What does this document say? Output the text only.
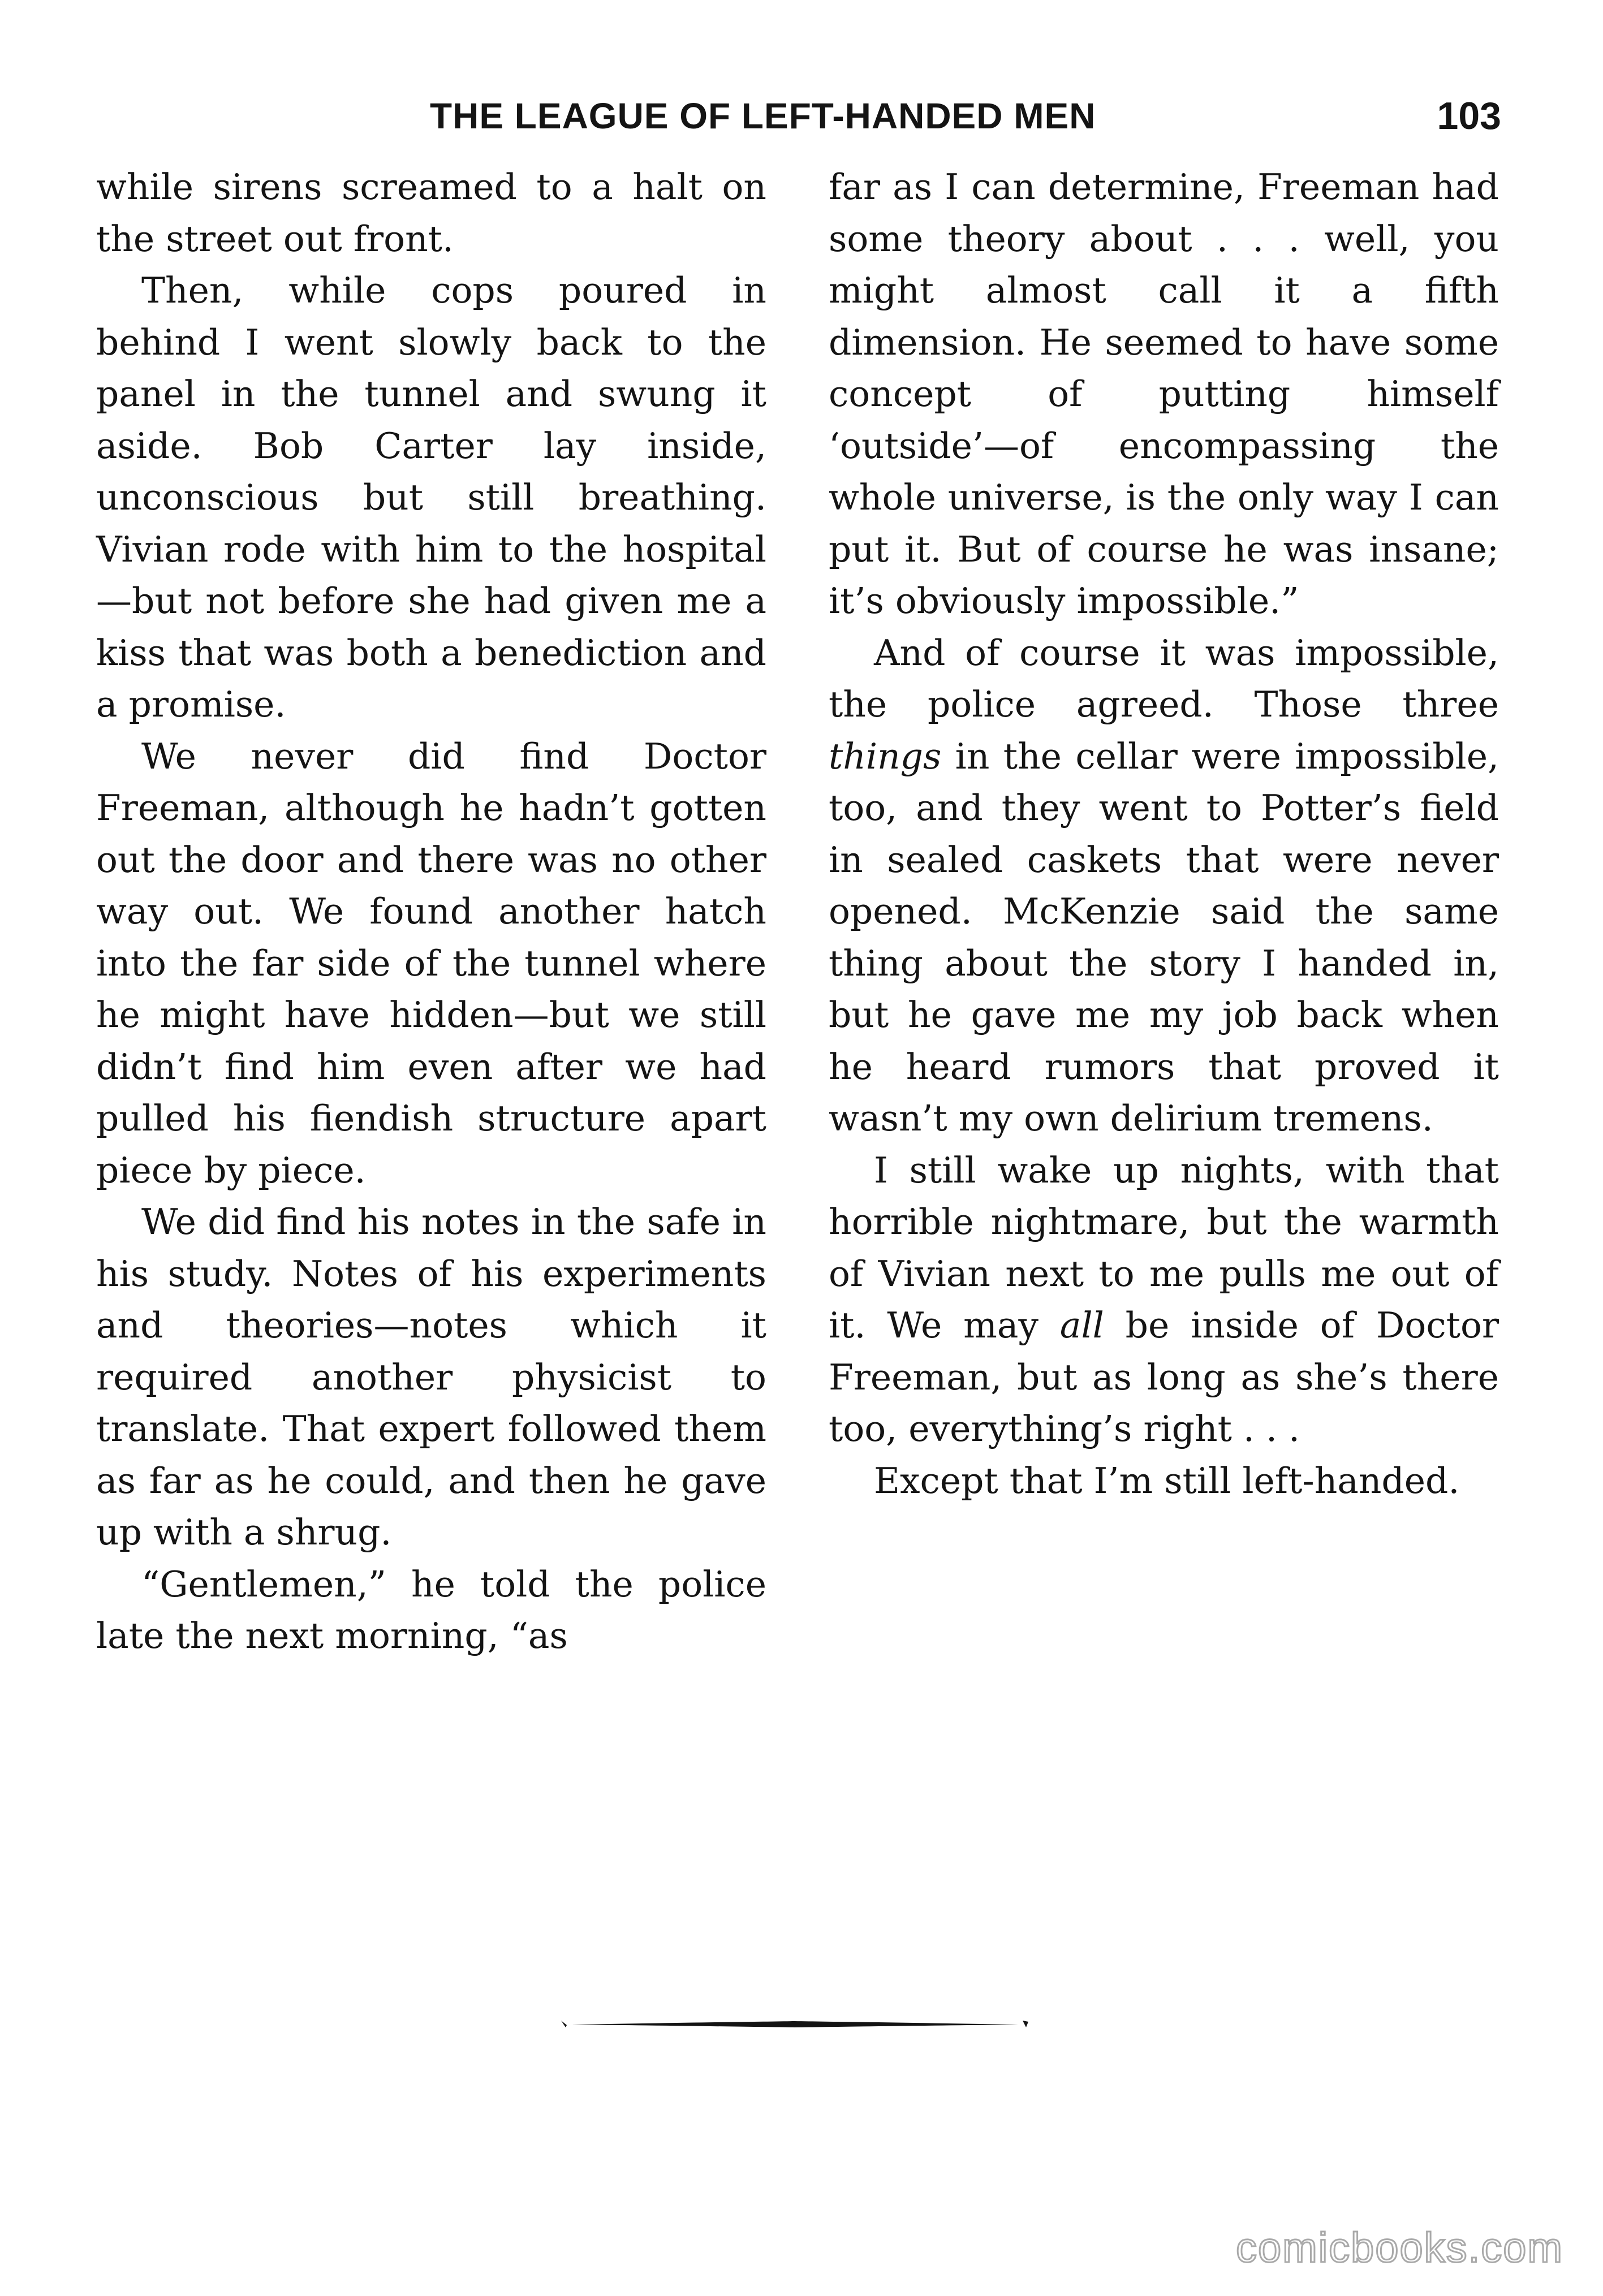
THE LEAGUE OF LEFT-HANDED MEN	103

while sirens screamed to a halt on the street out front.

Then, while cops poured in behind I went slowly back to the panel in the tunnel and swung it aside. Bob Carter lay inside, unconscious but still breathing. Vivian rode with him to the hospital—but not before she had given me a kiss that was both a benediction and a promise.

We never did find Doctor Freeman, although he hadn’t gotten out the door and there was no other way out. We found another hatch into the far side of the tunnel where he might have hidden—but we still didn’t find him even after we had pulled his fiendish structure apart piece by piece.

We did find his notes in the safe in his study. Notes of his experiments and theories—notes which it required another physicist to translate. That expert followed them as far as he could, and then he gave up with a shrug.

“Gentlemen,” he told the police late the next morning, “as

far as I can determine, Freeman had some theory about . . . well, you might almost call it a fifth dimension. He seemed to have some concept of putting himself ‘outside’—of encompassing the whole universe, is the only way I can put it. But of course he was insane; it’s obviously impossible.”

And of course it was impossible, the police agreed. Those three things in the cellar were impossible, too, and they went to Potter’s field in sealed caskets that were never opened. McKenzie said the same thing about the story I handed in, but he gave me my job back when he heard rumors that proved it wasn’t my own delirium tremens.

I still wake up nights, with that horrible nightmare, but the warmth of Vivian next to me pulls me out of it. We may all be inside of Doctor Freeman, but as long as she’s there too, everything’s right . . .

Except that I’m still left-handed.

comicbooks.com
